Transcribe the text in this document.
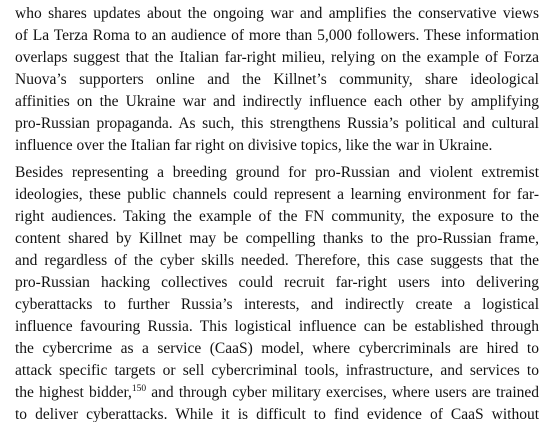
who shares updates about the ongoing war and amplifies the conservative views
of La Terza Roma to an audience of more than 5,000 followers. These information
overlaps suggest that the Italian far-right milieu, relying on the example of Forza
Nuova’s supporters online and the Killnet’s community, share ideological
affinities on the Ukraine war and indirectly influence each other by amplifying
pro-Russian propaganda. As such, this strengthens Russia’s political and cultural
influence over the Italian far right on divisive topics, like the war in Ukraine.
Besides representing a breeding ground for pro-Russian and violent extremist
ideologies, these public channels could represent a learning environment for far-
right audiences. Taking the example of the FN community, the exposure to the
content shared by Killnet may be compelling thanks to the pro-Russian frame,
and regardless of the cyber skills needed. Therefore, this case suggests that the
pro-Russian hacking collectives could recruit far-right users into delivering
cyberattacks to further Russia’s interests, and indirectly create a logistical
influence favouring Russia. This logistical influence can be established through
the cybercrime as a service (CaaS) model, where cybercriminals are hired to
attack specific targets or sell cybercriminal tools, infrastructure, and services to
the highest bidder,$^{150}$ and through cyber military exercises, where users are trained
to deliver cyberattacks. While it is difficult to find evidence of CaaS without
